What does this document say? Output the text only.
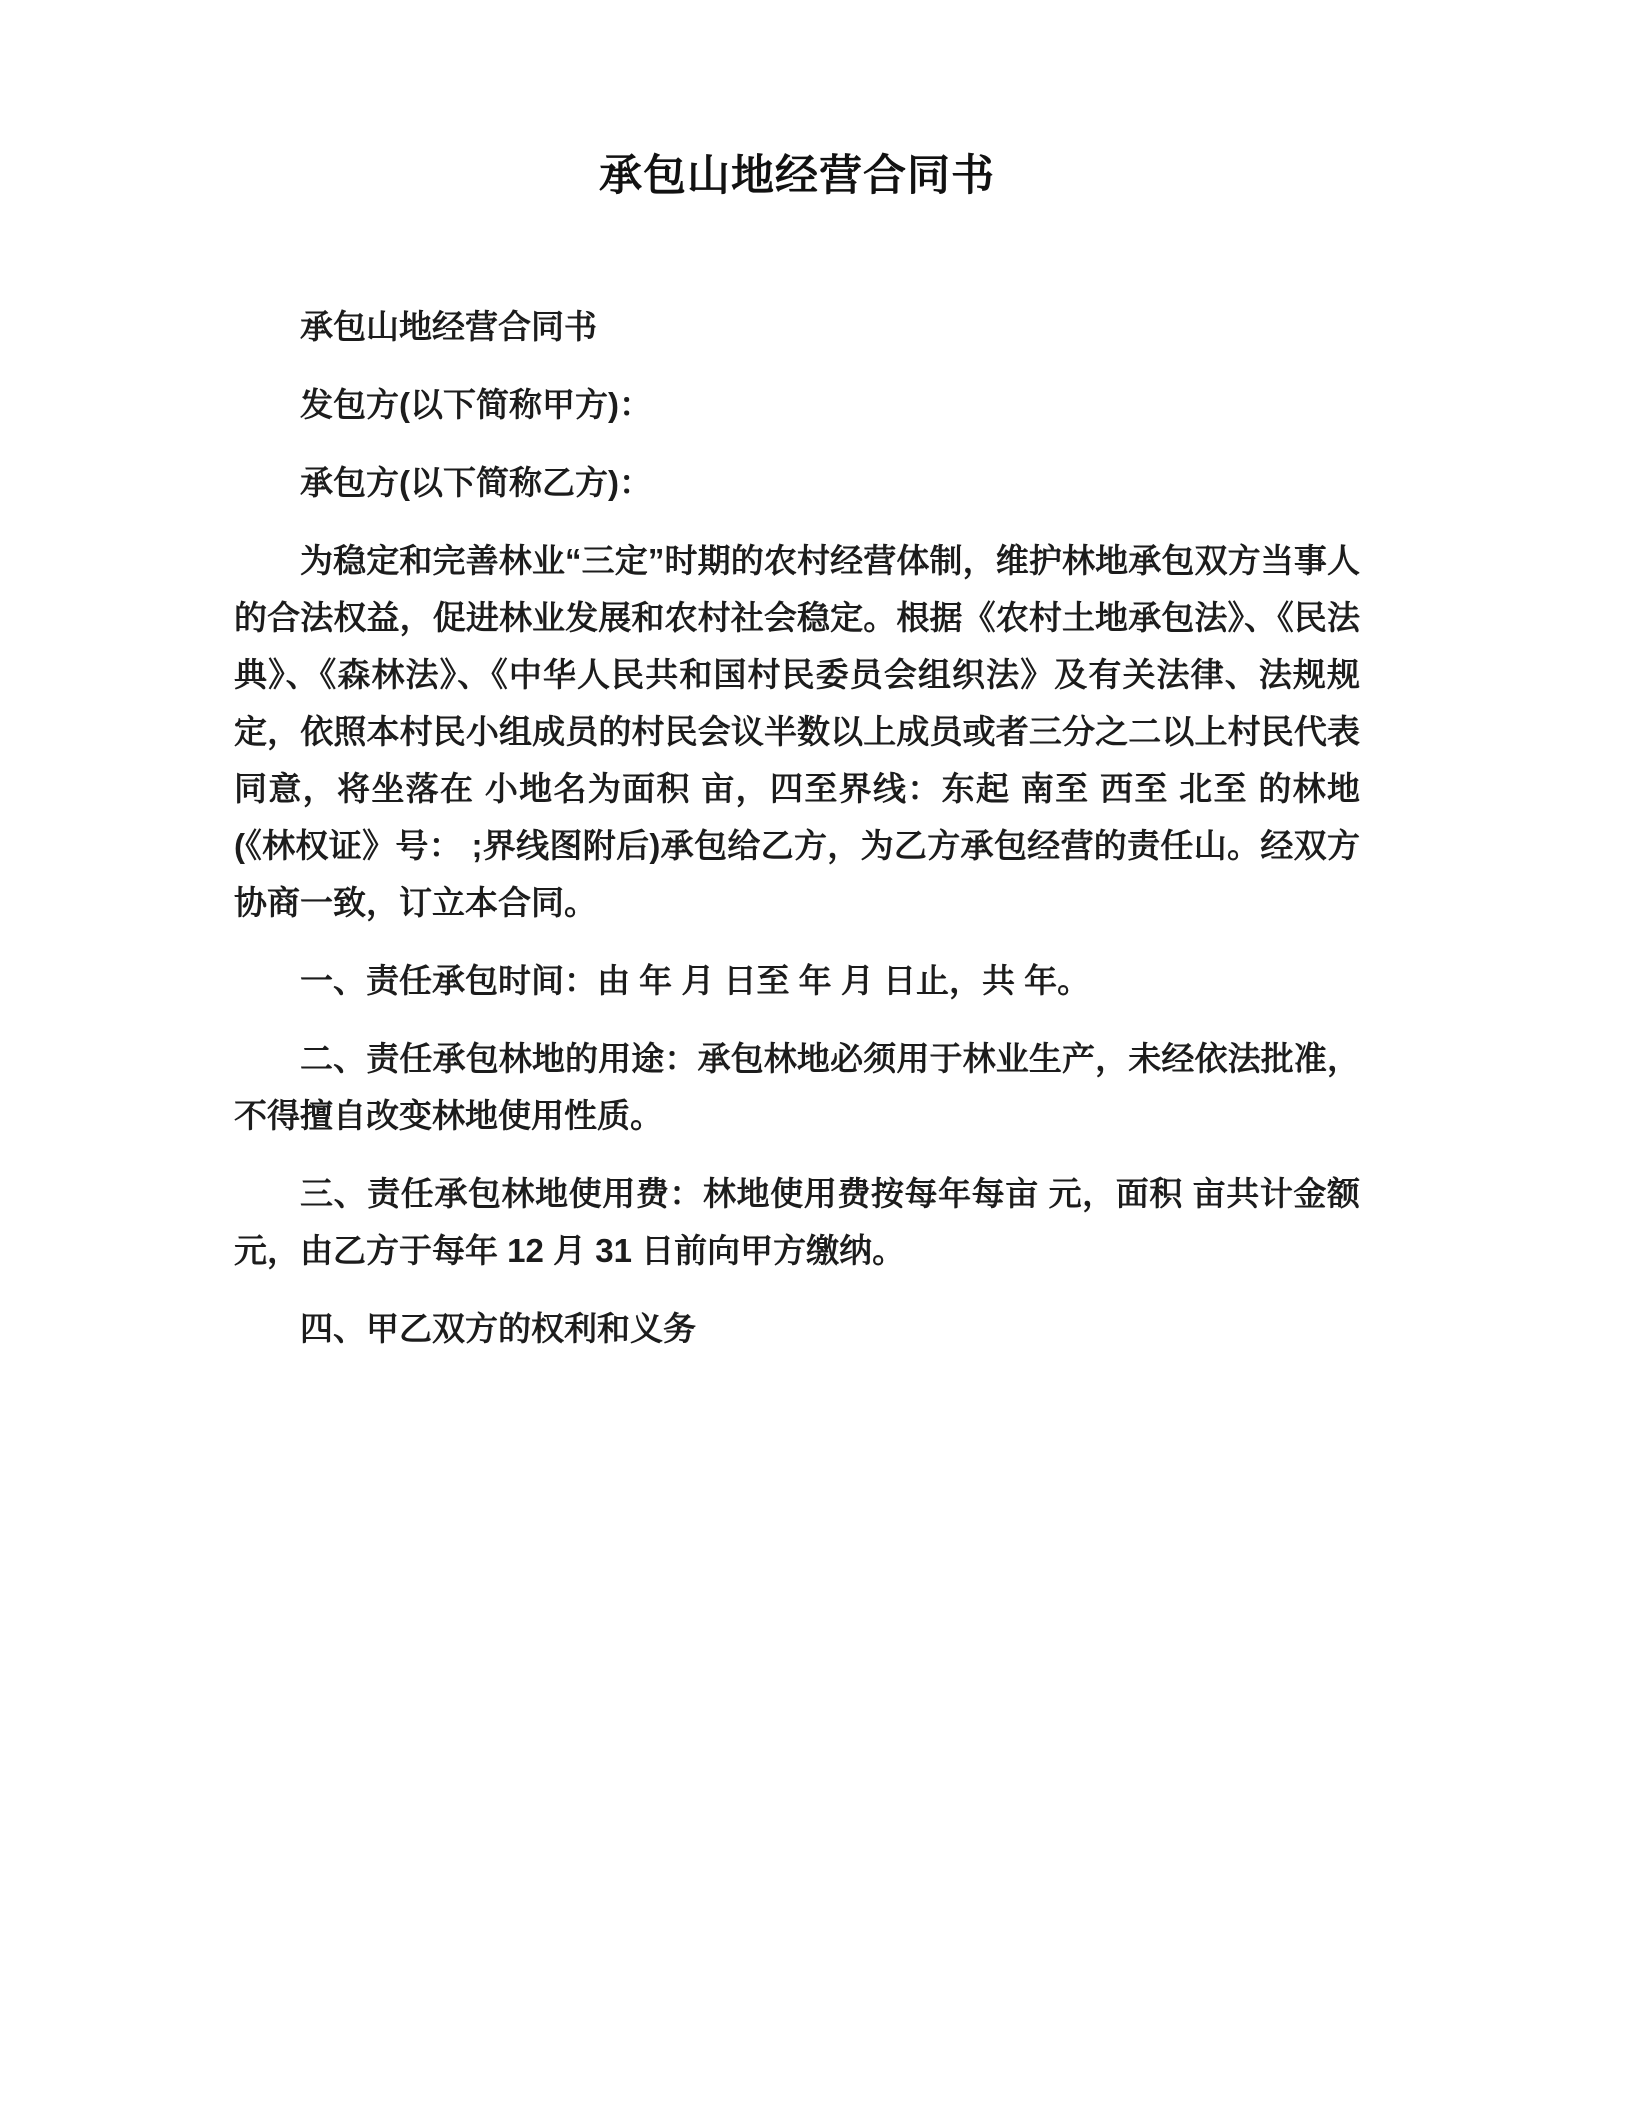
承包山地经营合同书

承包山地经营合同书

发包方(以下简称甲方)：

承包方(以下简称乙方)：

为稳定和完善林业“三定”时期的农村经营体制，维护林地承包双方当事人的合法权益，促进林业发展和农村社会稳定。根据《农村土地承包法》、《民法典》、《森林法》、《中华人民共和国村民委员会组织法》及有关法律、法规规定，依照本村民小组成员的村民会议半数以上成员或者三分之二以上村民代表同意，将坐落在 小地名为面积 亩，四至界线：东起 南至 西至 北至 的林地(《林权证》号： ;界线图附后)承包给乙方，为乙方承包经营的责任山。经双方协商一致，订立本合同。

一、责任承包时间：由 年 月 日至 年 月 日止，共 年。

二、责任承包林地的用途：承包林地必须用于林业生产，未经依法批准，不得擅自改变林地使用性质。

三、责任承包林地使用费：林地使用费按每年每亩 元，面积 亩共计金额 元，由乙方于每年 12 月 31 日前向甲方缴纳。

四、甲乙双方的权利和义务
